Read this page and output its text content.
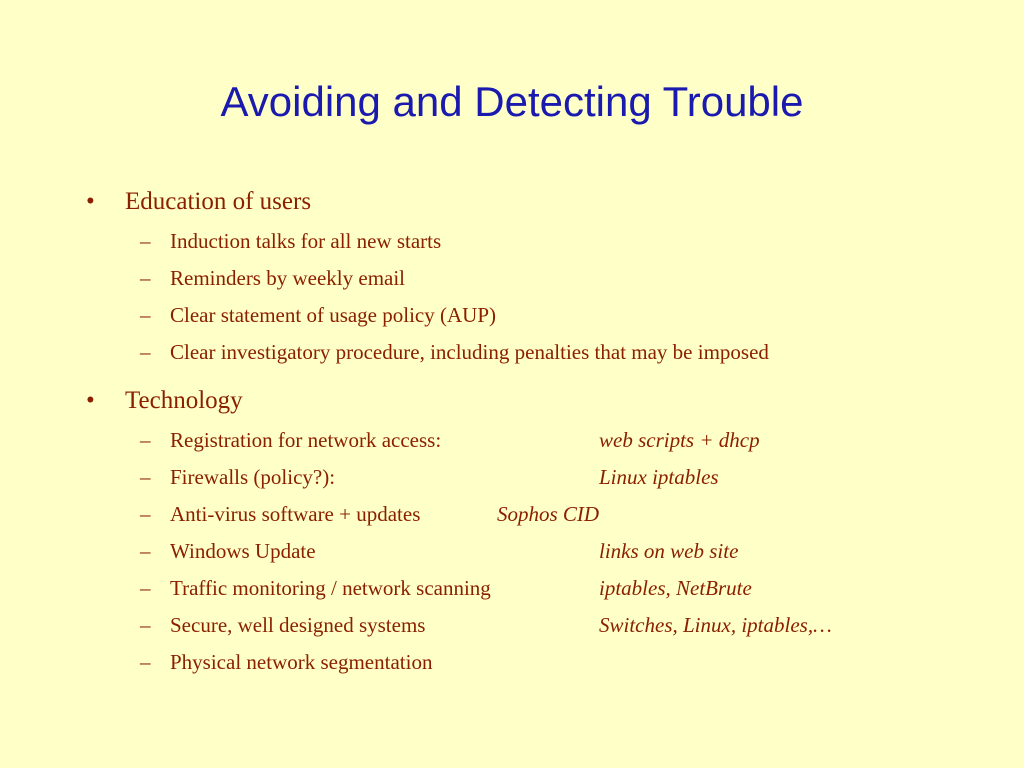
Avoiding and Detecting Trouble
• Education of users
– Induction talks for all new starts
– Reminders by weekly email
– Clear statement of usage policy (AUP)
– Clear investigatory procedure, including penalties that may be imposed
• Technology
– Registration for network access:	web scripts + dhcp
– Firewalls (policy?):	Linux iptables
– Anti-virus software + updates	Sophos CID
– Windows Update	links on web site
– Traffic monitoring / network scanning	iptables, NetBrute
– Secure, well designed systems	Switches, Linux, iptables,…
– Physical network segmentation
